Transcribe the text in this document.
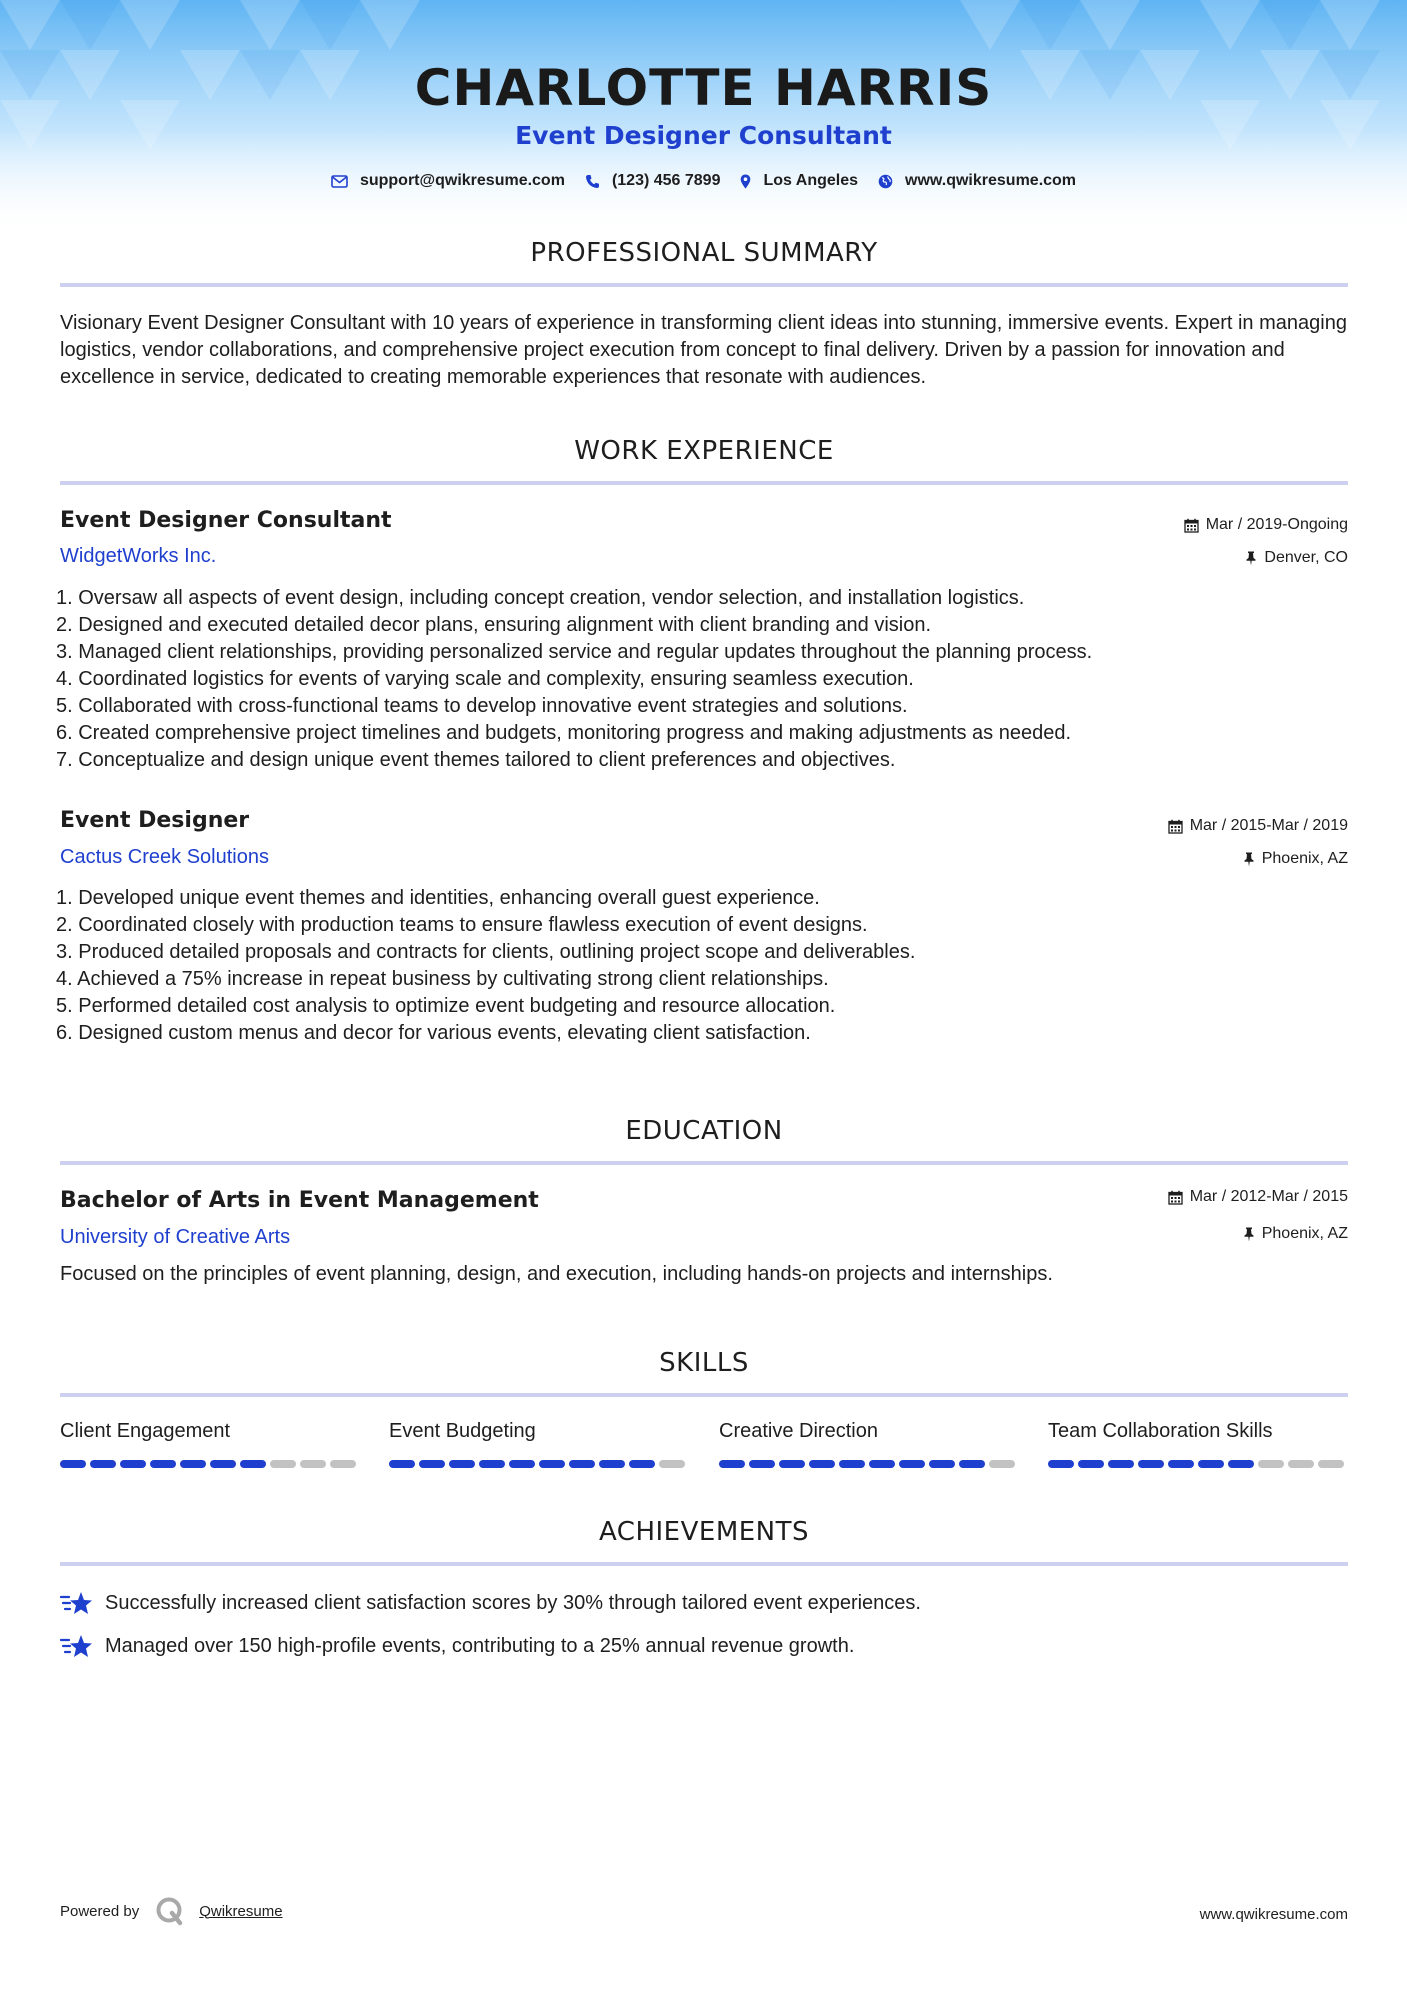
CHARLOTTE HARRIS
Event Designer Consultant
support@qwikresume.com	(123) 456 7899	Los Angeles	www.qwikresume.com
PROFESSIONAL SUMMARY
Visionary Event Designer Consultant with 10 years of experience in transforming client ideas into stunning, immersive events. Expert in managing logistics, vendor collaborations, and comprehensive project execution from concept to final delivery. Driven by a passion for innovation and excellence in service, dedicated to creating memorable experiences that resonate with audiences.
WORK EXPERIENCE
Event Designer Consultant	Mar / 2019-Ongoing
WidgetWorks Inc.	Denver, CO
1. Oversaw all aspects of event design, including concept creation, vendor selection, and installation logistics.
2. Designed and executed detailed decor plans, ensuring alignment with client branding and vision.
3. Managed client relationships, providing personalized service and regular updates throughout the planning process.
4. Coordinated logistics for events of varying scale and complexity, ensuring seamless execution.
5. Collaborated with cross-functional teams to develop innovative event strategies and solutions.
6. Created comprehensive project timelines and budgets, monitoring progress and making adjustments as needed.
7. Conceptualize and design unique event themes tailored to client preferences and objectives.
Event Designer	Mar / 2015-Mar / 2019
Cactus Creek Solutions	Phoenix, AZ
1. Developed unique event themes and identities, enhancing overall guest experience.
2. Coordinated closely with production teams to ensure flawless execution of event designs.
3. Produced detailed proposals and contracts for clients, outlining project scope and deliverables.
4. Achieved a 75% increase in repeat business by cultivating strong client relationships.
5. Performed detailed cost analysis to optimize event budgeting and resource allocation.
6. Designed custom menus and decor for various events, elevating client satisfaction.
EDUCATION
Bachelor of Arts in Event Management	Mar / 2012-Mar / 2015
University of Creative Arts	Phoenix, AZ
Focused on the principles of event planning, design, and execution, including hands-on projects and internships.
SKILLS
Client Engagement	Event Budgeting	Creative Direction	Team Collaboration Skills
ACHIEVEMENTS
Successfully increased client satisfaction scores by 30% through tailored event experiences.
Managed over 150 high-profile events, contributing to a 25% annual revenue growth.
Powered by	Qwikresume	www.qwikresume.com
